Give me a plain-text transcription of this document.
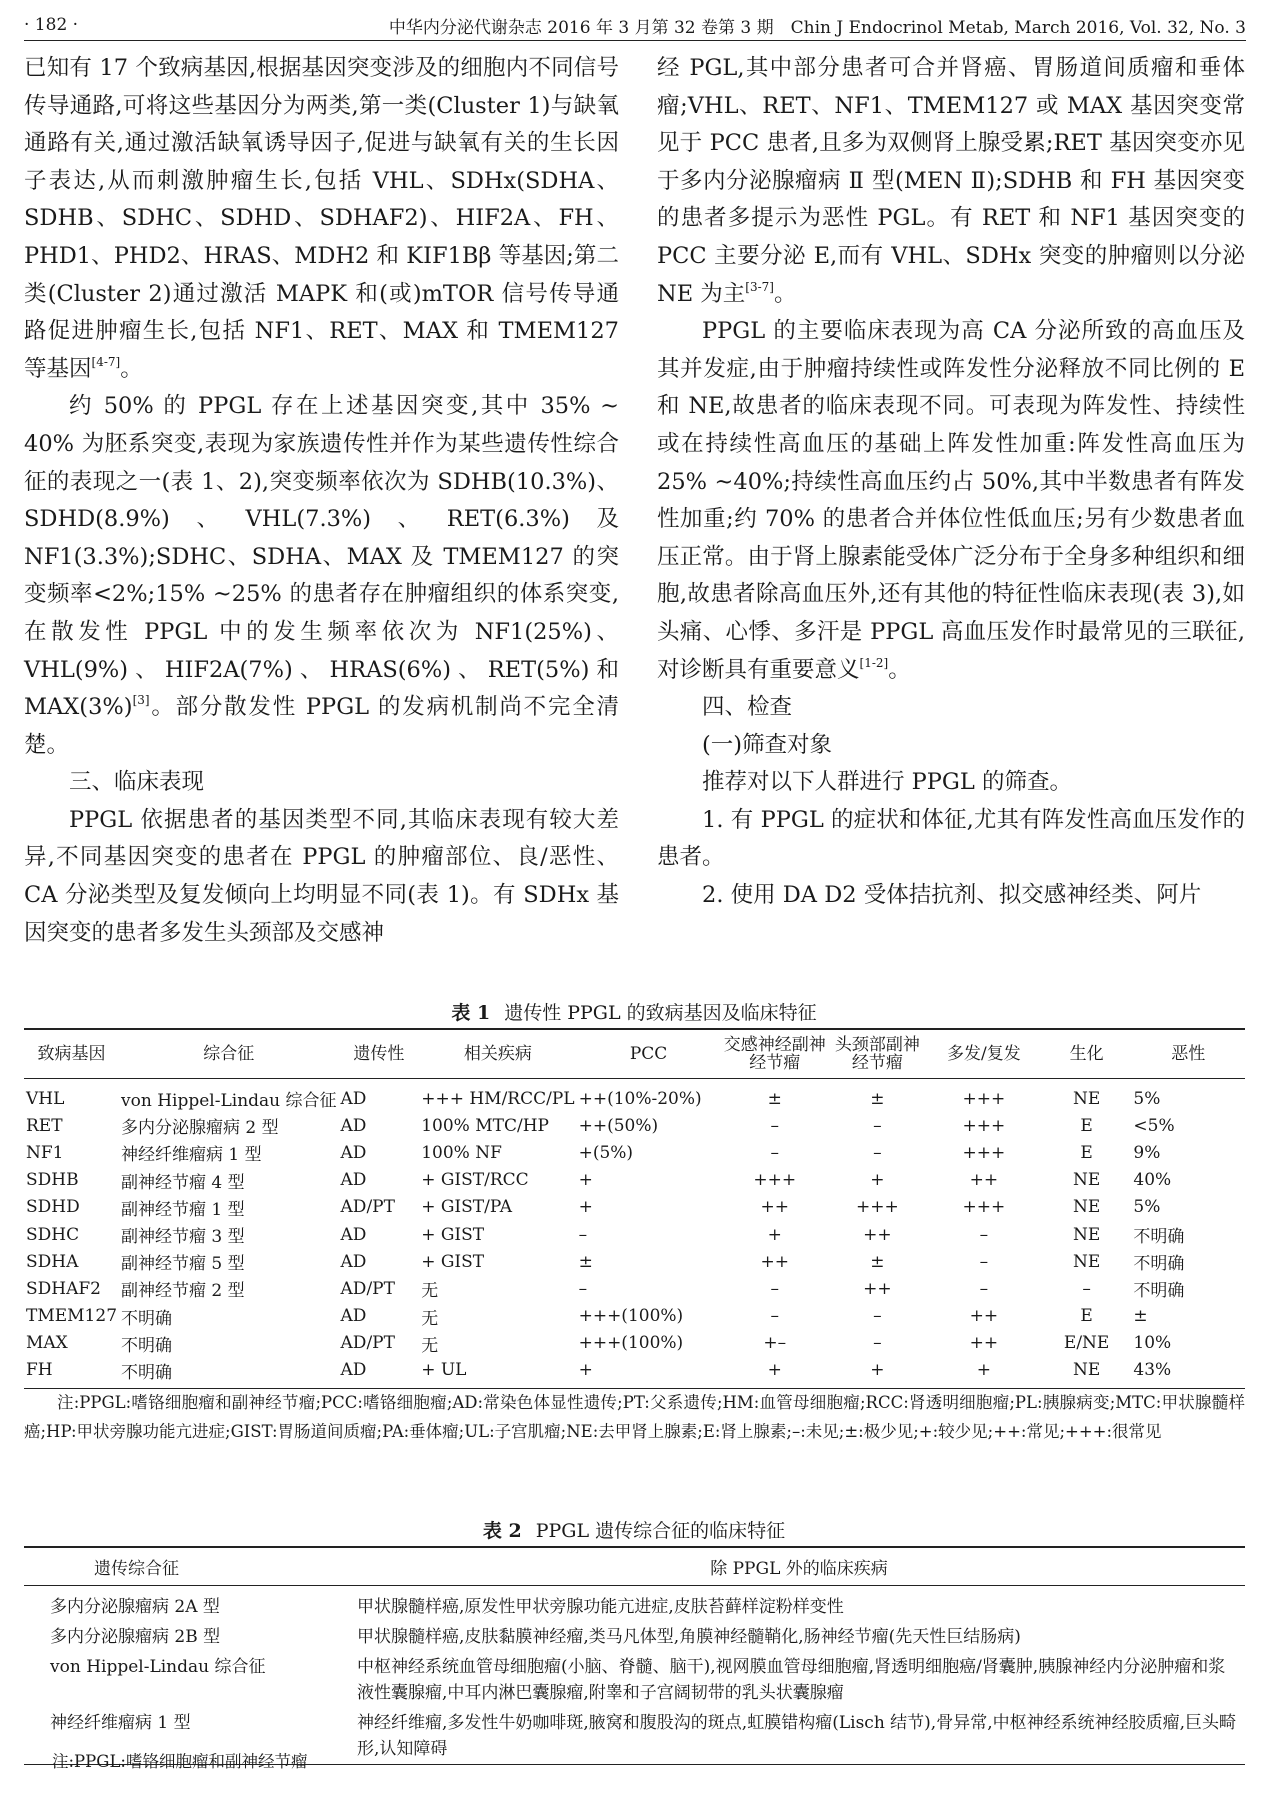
· 182 ·	中华内分泌代谢杂志 2016 年 3 月第 32 卷第 3 期　Chin J Endocrinol Metab, March 2016, Vol. 32, No. 3

已知有 17 个致病基因,根据基因突变涉及的细胞内不同信号传导通路,可将这些基因分为两类,第一类(Cluster 1)与缺氧通路有关,通过激活缺氧诱导因子,促进与缺氧有关的生长因子表达,从而刺激肿瘤生长,包括 VHL、SDHx(SDHA、SDHB、SDHC、SDHD、SDHAF2)、HIF2A、FH、PHD1、PHD2、HRAS、MDH2 和 KIF1Bβ 等基因;第二类(Cluster 2)通过激活 MAPK 和(或)mTOR 信号传导通路促进肿瘤生长,包括 NF1、RET、MAX 和 TMEM127 等基因[4-7]。

约 50% 的 PPGL 存在上述基因突变,其中 35% ~ 40% 为胚系突变,表现为家族遗传性并作为某些遗传性综合征的表现之一(表 1、2),突变频率依次为 SDHB(10.3%)、SDHD(8.9%)、VHL(7.3%)、RET(6.3%)及 NF1(3.3%);SDHC、SDHA、MAX 及 TMEM127 的突变频率<2%;15% ~25% 的患者存在肿瘤组织的体系突变,在散发性 PPGL 中的发生频率依次为 NF1(25%)、VHL(9%)、HIF2A(7%)、HRAS(6%)、RET(5%)和 MAX(3%)[3]。部分散发性 PPGL 的发病机制尚不完全清楚。

三、临床表现

PPGL 依据患者的基因类型不同,其临床表现有较大差异,不同基因突变的患者在 PPGL 的肿瘤部位、良/恶性、CA 分泌类型及复发倾向上均明显不同(表 1)。有 SDHx 基因突变的患者多发生头颈部及交感神

经 PGL,其中部分患者可合并肾癌、胃肠道间质瘤和垂体瘤;VHL、RET、NF1、TMEM127 或 MAX 基因突变常见于 PCC 患者,且多为双侧肾上腺受累;RET 基因突变亦见于多内分泌腺瘤病 Ⅱ 型(MEN Ⅱ);SDHB 和 FH 基因突变的患者多提示为恶性 PGL。有 RET 和 NF1 基因突变的 PCC 主要分泌 E,而有 VHL、SDHx 突变的肿瘤则以分泌 NE 为主[3-7]。

PPGL 的主要临床表现为高 CA 分泌所致的高血压及其并发症,由于肿瘤持续性或阵发性分泌释放不同比例的 E 和 NE,故患者的临床表现不同。可表现为阵发性、持续性或在持续性高血压的基础上阵发性加重:阵发性高血压为 25% ~40%;持续性高血压约占 50%,其中半数患者有阵发性加重;约 70% 的患者合并体位性低血压;另有少数患者血压正常。由于肾上腺素能受体广泛分布于全身多种组织和细胞,故患者除高血压外,还有其他的特征性临床表现(表 3),如头痛、心悸、多汗是 PPGL 高血压发作时最常见的三联征,对诊断具有重要意义[1-2]。

四、检查

(一)筛查对象

推荐对以下人群进行 PPGL 的筛查。

1. 有 PPGL 的症状和体征,尤其有阵发性高血压发作的患者。

2. 使用 DA D2 受体拮抗剂、拟交感神经类、阿片

表 1 遗传性 PPGL 的致病基因及临床特征
致病基因	综合征	遗传性	相关疾病	PCC	交感神经副神经节瘤	头颈部副神经节瘤	多发/复发	生化	恶性
VHL	von Hippel-Lindau 综合征	AD	+++ HM/RCC/PL	++(10%-20%)	±	±	+++	NE	5%
RET	多内分泌腺瘤病 2 型	AD	100% MTC/HP	++(50%)	–	–	+++	E	<5%
NF1	神经纤维瘤病 1 型	AD	100% NF	+(5%)	–	–	+++	E	9%
SDHB	副神经节瘤 4 型	AD	+ GIST/RCC	+	+++	+	++	NE	40%
SDHD	副神经节瘤 1 型	AD/PT	+ GIST/PA	+	++	+++	+++	NE	5%
SDHC	副神经节瘤 3 型	AD	+ GIST	–	+	++	–	NE	不明确
SDHA	副神经节瘤 5 型	AD	+ GIST	±	++	±	–	NE	不明确
SDHAF2	副神经节瘤 2 型	AD/PT	无	–	–	++	–	–	不明确
TMEM127	不明确	AD	无	+++(100%)	–	–	++	E	±
MAX	不明确	AD/PT	无	+++(100%)	+–	–	++	E/NE	10%
FH	不明确	AD	+ UL	+	+	+	+	NE	43%
注:PPGL:嗜铬细胞瘤和副神经节瘤;PCC:嗜铬细胞瘤;AD:常染色体显性遗传;PT:父系遗传;HM:血管母细胞瘤;RCC:肾透明细胞瘤;PL:胰腺病变;MTC:甲状腺髓样癌;HP:甲状旁腺功能亢进症;GIST:胃肠道间质瘤;PA:垂体瘤;UL:子宫肌瘤;NE:去甲肾上腺素;E:肾上腺素;–:未见;±:极少见;+:较少见;++:常见;+++:很常见
表 2 PPGL 遗传综合征的临床特征
遗传综合征	除 PPGL 外的临床疾病
多内分泌腺瘤病 2A 型	甲状腺髓样癌,原发性甲状旁腺功能亢进症,皮肤苔藓样淀粉样变性
多内分泌腺瘤病 2B 型	甲状腺髓样癌,皮肤黏膜神经瘤,类马凡体型,角膜神经髓鞘化,肠神经节瘤(先天性巨结肠病)
von Hippel-Lindau 综合征	中枢神经系统血管母细胞瘤(小脑、脊髓、脑干),视网膜血管母细胞瘤,肾透明细胞癌/肾囊肿,胰腺神经内分泌肿瘤和浆液性囊腺瘤,中耳内淋巴囊腺瘤,附睾和子宫阔韧带的乳头状囊腺瘤
神经纤维瘤病 1 型	神经纤维瘤,多发性牛奶咖啡斑,腋窝和腹股沟的斑点,虹膜错构瘤(Lisch 结节),骨异常,中枢神经系统神经胶质瘤,巨头畸形,认知障碍
注:PPGL:嗜铬细胞瘤和副神经节瘤
